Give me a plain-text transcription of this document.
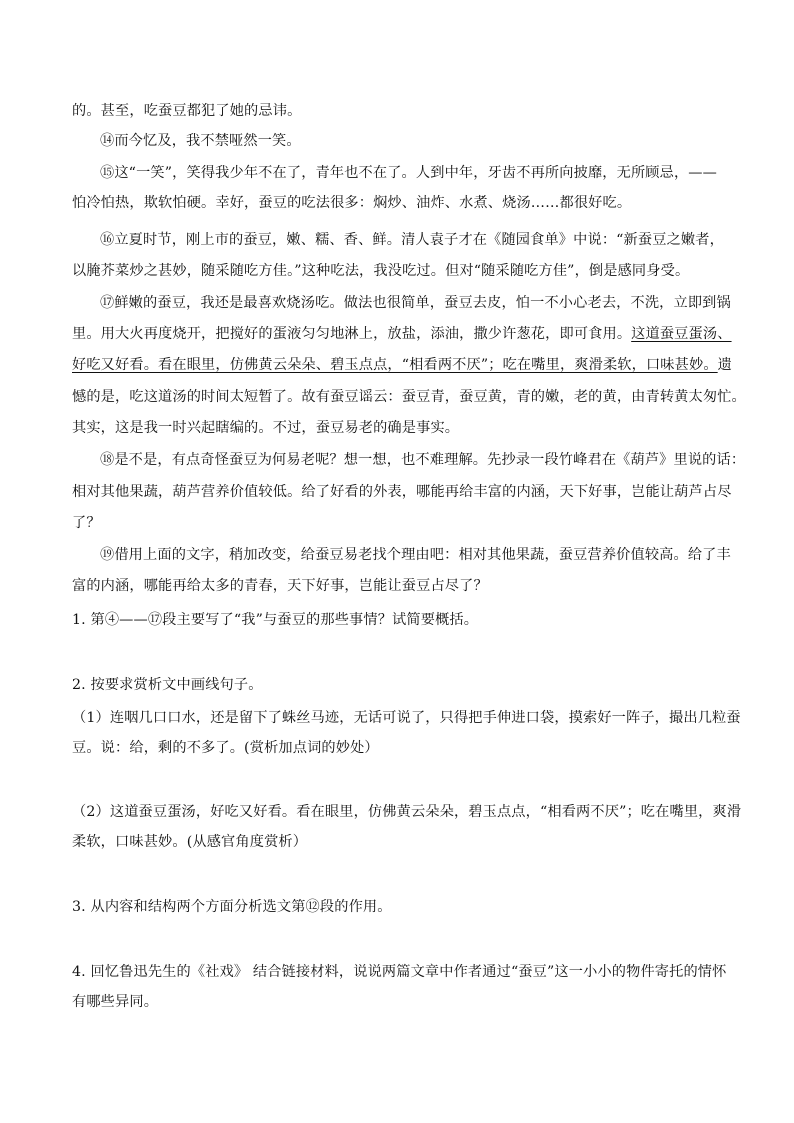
的。甚至，吃蚕豆都犯了她的忌讳。
⑭而今忆及，我不禁哑然一笑。
⑮这“一笑”，笑得我少年不在了，青年也不在了。人到中年，牙齿不再所向披靡，无所顾忌，——
怕冷怕热，欺软怕硬。幸好，蚕豆的吃法很多：焖炒、油炸、水煮、烧汤……都很好吃。
⑯立夏时节，刚上市的蚕豆，嫩、糯、香、鲜。清人袁子才在《随园食单》中说：“新蚕豆之嫩者，
以腌芥菜炒之甚妙，随采随吃方佳。”这种吃法，我没吃过。但对“随采随吃方佳”，倒是感同身受。
⑰鲜嫩的蚕豆，我还是最喜欢烧汤吃。做法也很简单，蚕豆去皮，怕一不小心老去，不洗，立即到锅
里。用大火再度烧开，把搅好的蛋液匀匀地淋上，放盐，添油，撒少许葱花，即可食用。这道蚕豆蛋汤、
好吃又好看。看在眼里，仿佛黄云朵朵、碧玉点点，“相看两不厌”；吃在嘴里，爽滑柔软，口味甚妙。遗
憾的是，吃这道汤的时间太短暂了。故有蚕豆谣云：蚕豆青，蚕豆黄，青的嫩，老的黄，由青转黄太匆忙。
其实，这是我一时兴起瞎编的。不过，蚕豆易老的确是事实。
⑱是不是，有点奇怪蚕豆为何易老呢？想一想，也不难理解。先抄录一段竹峰君在《葫芦》里说的话：
相对其他果蔬，葫芦营养价值较低。给了好看的外表，哪能再给丰富的内涵，天下好事，岂能让葫芦占尽
了？
⑲借用上面的文字，稍加改变，给蚕豆易老找个理由吧：相对其他果蔬，蚕豆营养价值较高。给了丰
富的内涵，哪能再给太多的青春，天下好事，岂能让蚕豆占尽了？
1. 第④——⑰段主要写了“我”与蚕豆的那些事情？试简要概括。
2. 按要求赏析文中画线句子。
（1）连咽几口口水，还是留下了蛛丝马迹，无话可说了，只得把手伸进口袋，摸索好一阵子，撮出几粒蚕
豆。说：给，剩的不多了。(赏析加点词的妙处）
（2）这道蚕豆蛋汤，好吃又好看。看在眼里，仿佛黄云朵朵，碧玉点点，“相看两不厌”；吃在嘴里，爽滑
柔软，口味甚妙。(从感官角度赏析）
3. 从内容和结构两个方面分析选文第⑫段的作用。
4. 回忆鲁迅先生的《社戏》 结合链接材料，说说两篇文章中作者通过“蚕豆”这一小小的物件寄托的情怀
有哪些异同。
